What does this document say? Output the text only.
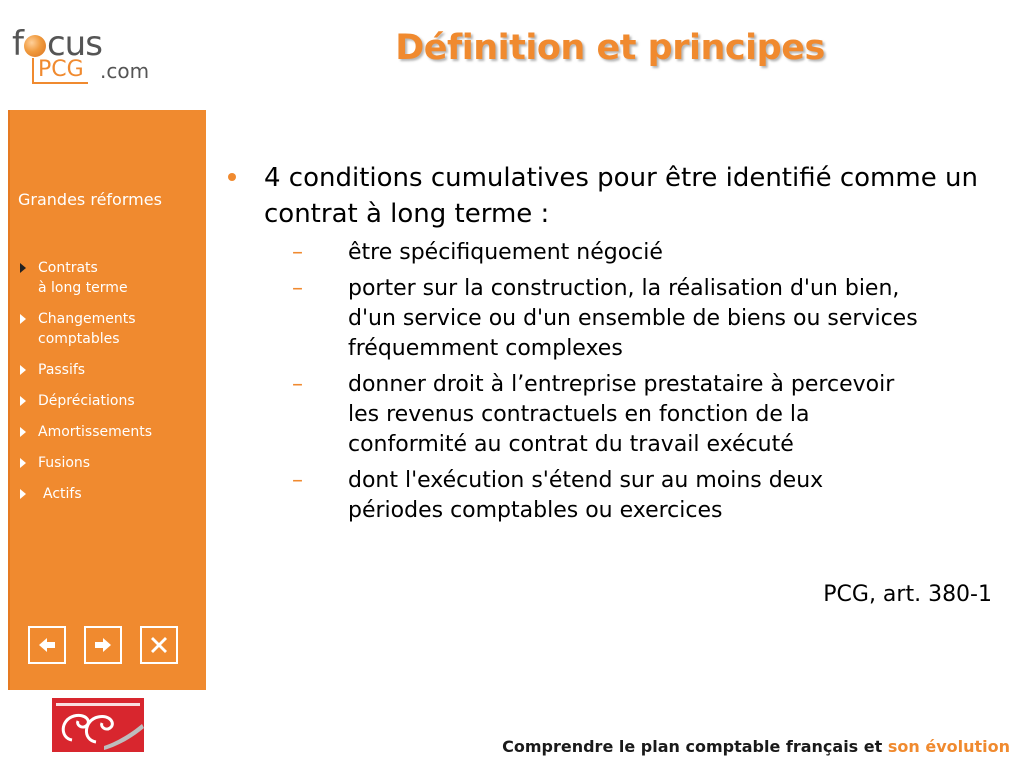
f cus
PCG .com
Définition et principes
Grandes réformes
Contrats
à long terme
Changements
comptables
Passifs
Dépréciations
Amortissements
Fusions
Actifs

4 conditions cumulatives pour être identifié comme un contrat à long terme :

– être spécifiquement négocié
– porter sur la construction, la réalisation d'un bien,
d'un service ou d'un ensemble de biens ou services
fréquemment complexes
– donner droit à l’entreprise prestataire à percevoir
les revenus contractuels en fonction de la
conformité au contrat du travail exécuté
– dont l'exécution s'étend sur au moins deux
périodes comptables ou exercices
PCG, art. 380-1
Comprendre le plan comptable français et son évolution
